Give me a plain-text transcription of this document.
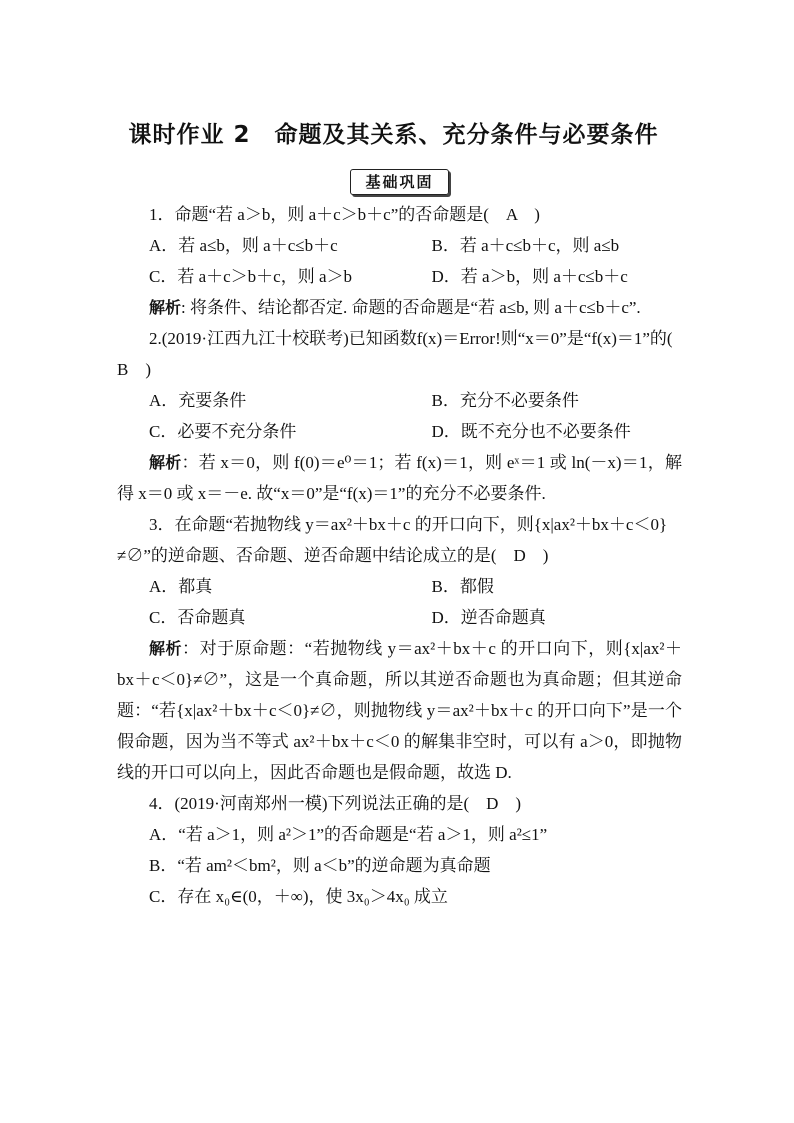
课时作业 2　命题及其关系、充分条件与必要条件
基础巩固

1．命题“若 a＞b，则 a＋c＞b＋c”的否命题是(　A　)

A．若 a≤b，则 a＋c≤b＋c	B．若 a＋c≤b＋c，则 a≤b
C．若 a＋c＞b＋c，则 a＞b	D．若 a＞b，则 a＋c≤b＋c

解析: 将条件、结论都否定. 命题的否命题是“若 a≤b, 则 a＋c≤b＋c”.

2.(2019·江西九江十校联考)已知函数f(x)＝Error!则“x＝0”是“f(x)＝1”的(　B　)

A．充要条件	B．充分不必要条件
C．必要不充分条件	D．既不充分也不必要条件

解析：若 x＝0，则 f(0)＝e⁰＝1；若 f(x)＝1，则 eˣ＝1 或 ln(－x)＝1，解得 x＝0 或 x＝－e. 故“x＝0”是“f(x)＝1”的充分不必要条件.

3．在命题“若抛物线 y＝ax²＋bx＋c 的开口向下，则{x|ax²＋bx＋c＜0}≠∅”的逆命题、否命题、逆否命题中结论成立的是(　D　)

A．都真	B．都假
C．否命题真	D．逆否命题真

解析：对于原命题：“若抛物线 y＝ax²＋bx＋c 的开口向下，则{x|ax²＋bx＋c＜0}≠∅”，这是一个真命题，所以其逆否命题也为真命题；但其逆命题：“若{x|ax²＋bx＋c＜0}≠∅，则抛物线 y＝ax²＋bx＋c 的开口向下”是一个假命题，因为当不等式 ax²＋bx＋c＜0 的解集非空时，可以有 a＞0，即抛物线的开口可以向上，因此否命题也是假命题，故选 D.

4．(2019·河南郑州一模)下列说法正确的是(　D　)

A．“若 a＞1，则 a²＞1”的否命题是“若 a＞1，则 a²≤1”
B．“若 am²＜bm²，则 a＜b”的逆命题为真命题
C．存在 x₀∈(0，＋∞)，使 3x₀＞4x₀ 成立
